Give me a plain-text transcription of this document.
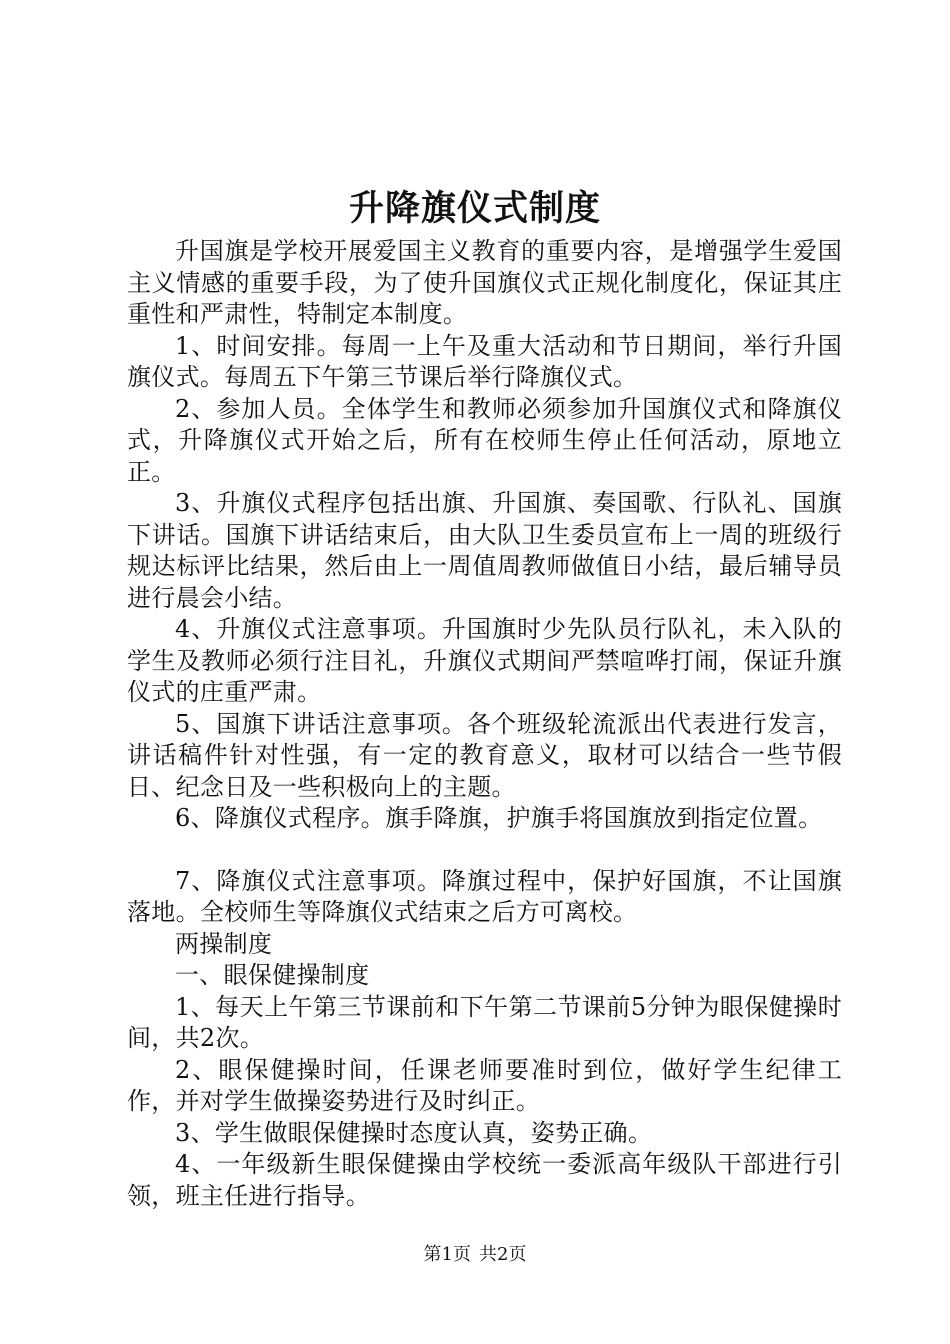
升降旗仪式制度

升国旗是学校开展爱国主义教育的重要内容，是增强学生爱国主义情感的重要手段，为了使升国旗仪式正规化制度化，保证其庄重性和严肃性，特制定本制度。

1、时间安排。每周一上午及重大活动和节日期间，举行升国旗仪式。每周五下午第三节课后举行降旗仪式。

2、参加人员。全体学生和教师必须参加升国旗仪式和降旗仪式，升降旗仪式开始之后，所有在校师生停止任何活动，原地立正。

3、升旗仪式程序包括出旗、升国旗、奏国歌、行队礼、国旗下讲话。国旗下讲话结束后，由大队卫生委员宣布上一周的班级行规达标评比结果，然后由上一周值周教师做值日小结，最后辅导员进行晨会小结。

4、升旗仪式注意事项。升国旗时少先队员行队礼，未入队的学生及教师必须行注目礼，升旗仪式期间严禁喧哗打闹，保证升旗仪式的庄重严肃。

5、国旗下讲话注意事项。各个班级轮流派出代表进行发言，讲话稿件针对性强，有一定的教育意义，取材可以结合一些节假日、纪念日及一些积极向上的主题。

6、降旗仪式程序。旗手降旗，护旗手将国旗放到指定位置。

7、降旗仪式注意事项。降旗过程中，保护好国旗，不让国旗落地。全校师生等降旗仪式结束之后方可离校。

两操制度

一、眼保健操制度

1、每天上午第三节课前和下午第二节课前5分钟为眼保健操时间，共2次。

2、眼保健操时间，任课老师要准时到位，做好学生纪律工作，并对学生做操姿势进行及时纠正。

3、学生做眼保健操时态度认真，姿势正确。

4、一年级新生眼保健操由学校统一委派高年级队干部进行引领，班主任进行指导。

第1页 共2页
